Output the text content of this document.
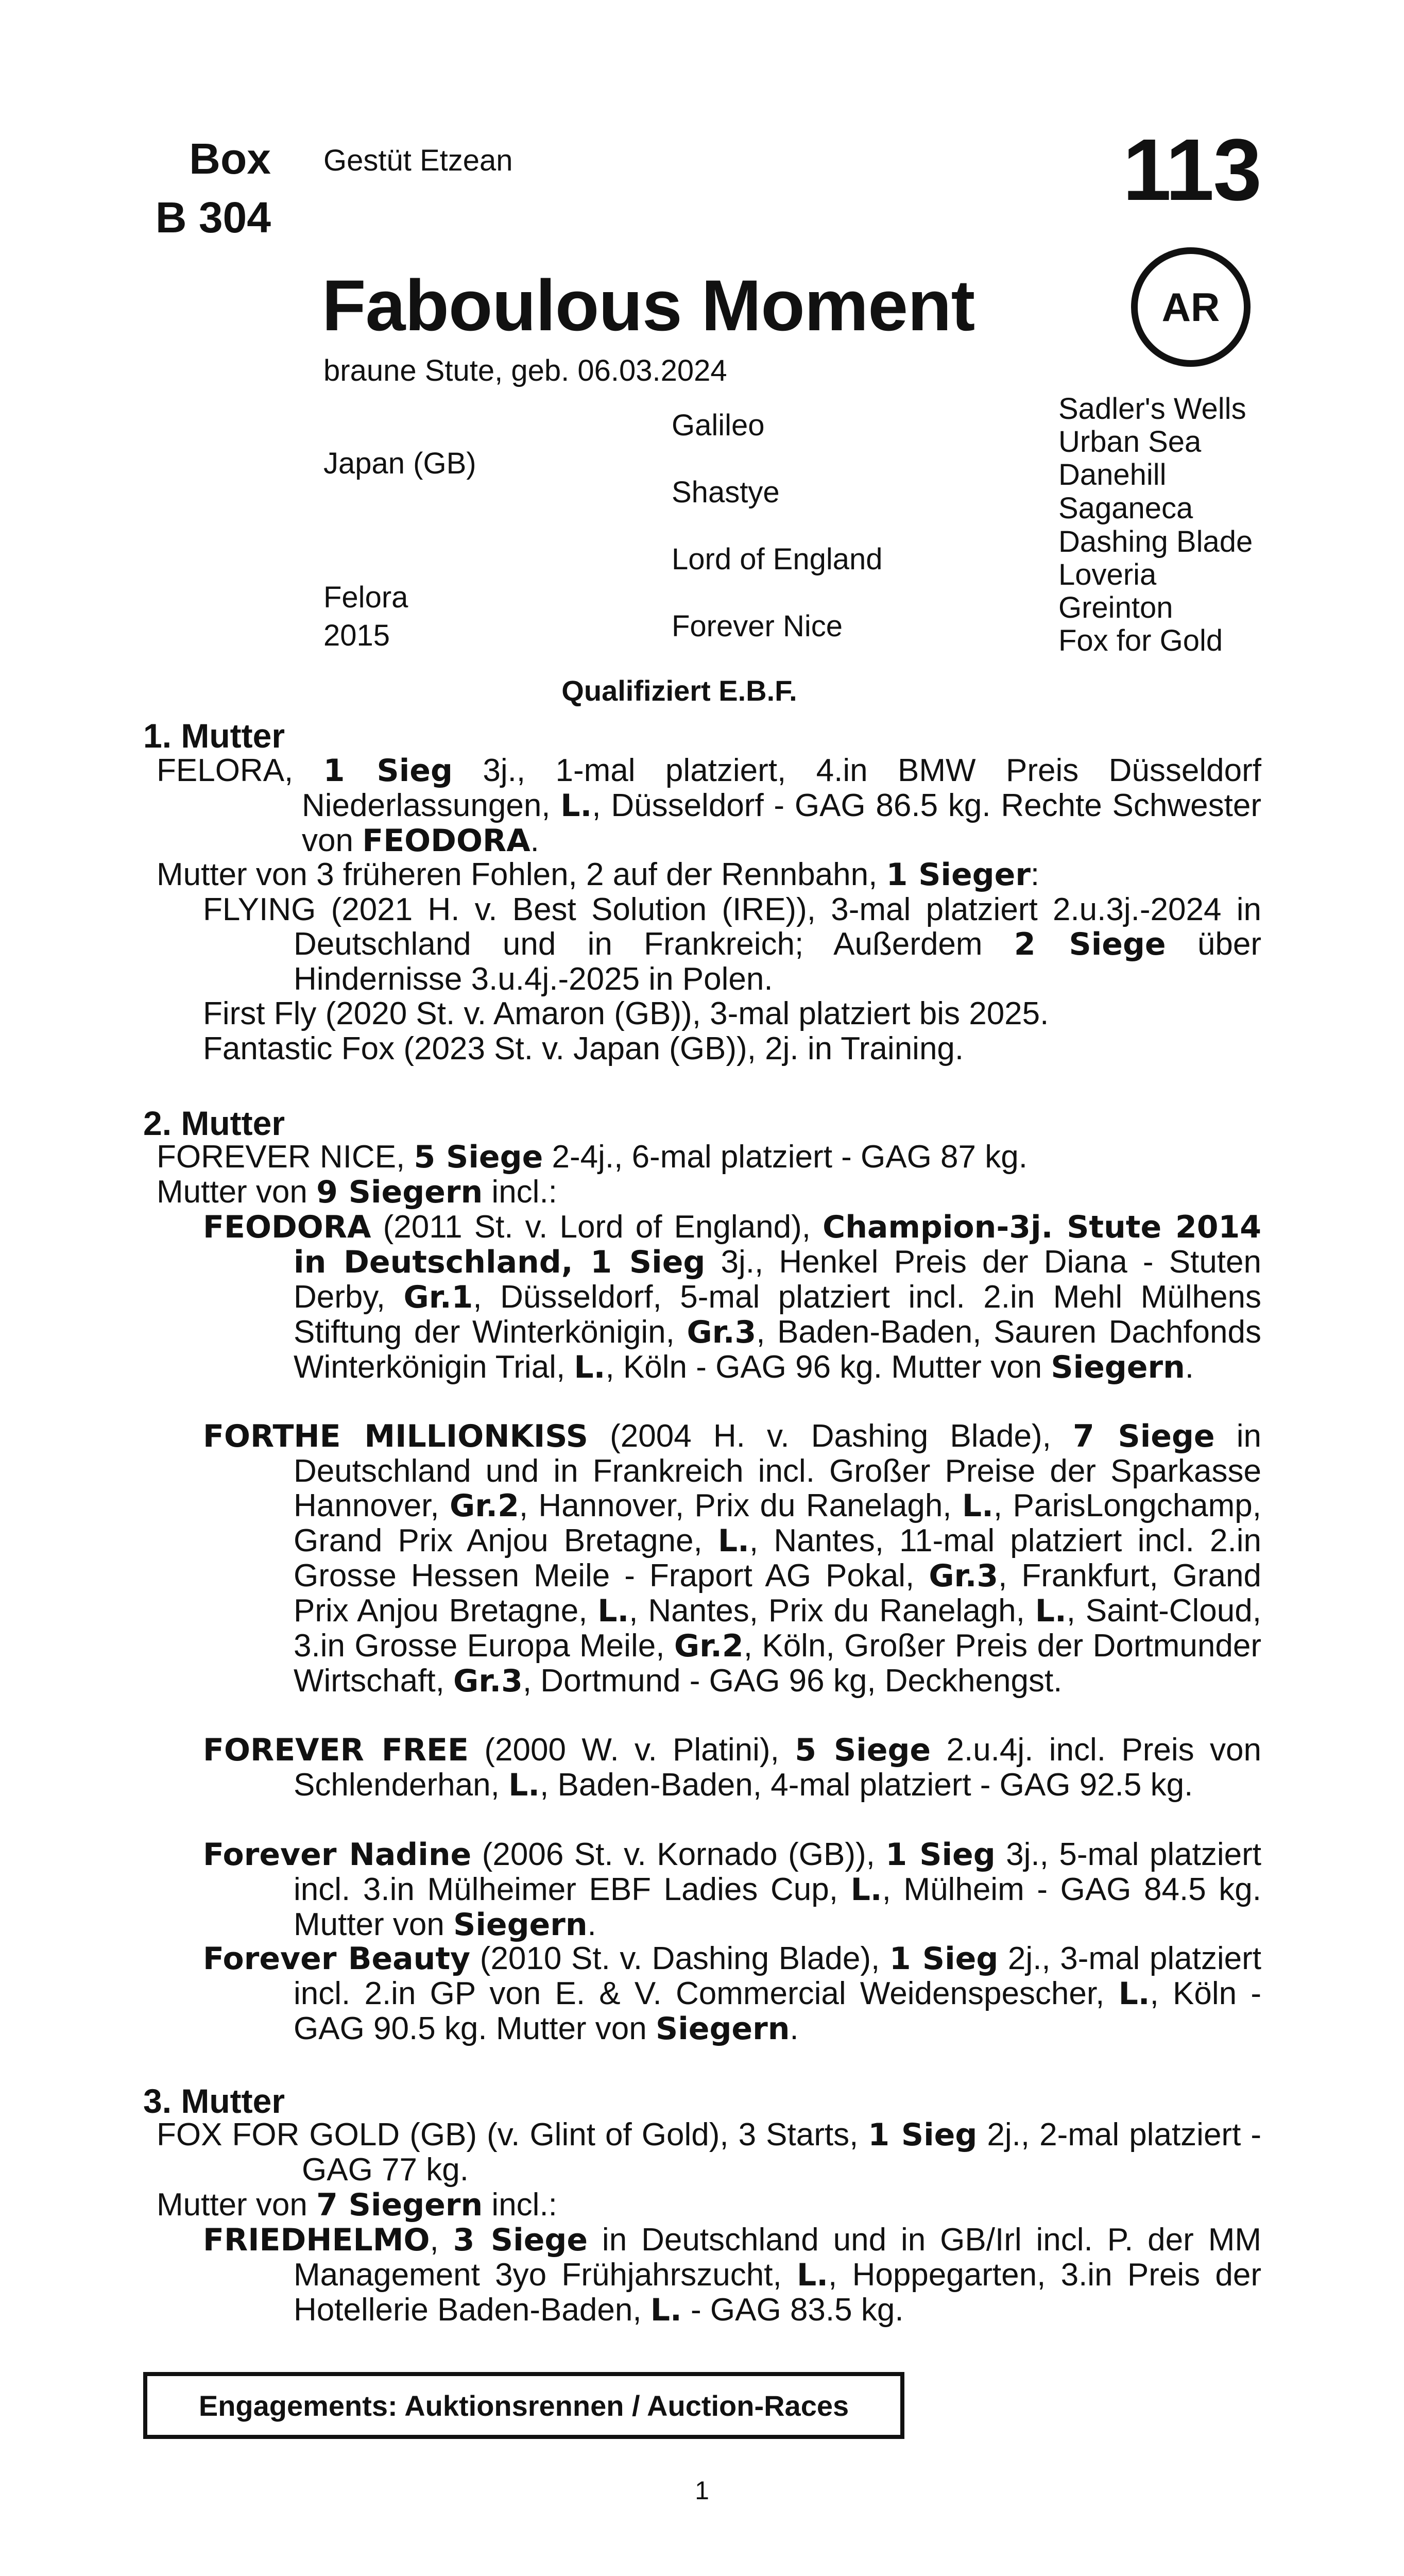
Box
B 304
Gestüt Etzean	113
AR
Faboulous Moment
braune Stute, geb. 06.03.2024
Japan (GB)
Felora
2015
Galileo
Shastye
Lord of England
Forever Nice
Sadler's Wells
Urban Sea
Danehill
Saganeca
Dashing Blade
Loveria
Greinton
Fox for Gold
Qualifiziert E.B.F.
1. Mutter
FELORA, 1 Sieg 3j., 1-mal platziert, 4.in BMW Preis Düsseldorf Niederlassungen, L., Düsseldorf - GAG 86.5 kg. Rechte Schwester von FEODORA.
Mutter von 3 früheren Fohlen, 2 auf der Rennbahn, 1 Sieger:
FLYING (2021 H. v. Best Solution (IRE)), 3-mal platziert 2.u.3j.-2024 in Deutschland und in Frankreich; Außerdem 2 Siege über Hindernisse 3.u.4j.-2025 in Polen.
First Fly (2020 St. v. Amaron (GB)), 3-mal platziert bis 2025.
Fantastic Fox (2023 St. v. Japan (GB)), 2j. in Training.
2. Mutter
FOREVER NICE, 5 Siege 2-4j., 6-mal platziert - GAG 87 kg.
Mutter von 9 Siegern incl.:
FEODORA (2011 St. v. Lord of England), Champion-3j. Stute 2014 in Deutschland, 1 Sieg 3j., Henkel Preis der Diana - Stuten Derby, Gr.1, Düsseldorf, 5-mal platziert incl. 2.in Mehl Mülhens Stiftung der Winterkönigin, Gr.3, Baden-Baden, Sauren Dachfonds Winterkönigin Trial, L., Köln - GAG 96 kg. Mutter von Siegern.
FORTHE MILLIONKISS (2004 H. v. Dashing Blade), 7 Siege in Deutschland und in Frankreich incl. Großer Preise der Sparkasse Hannover, Gr.2, Hannover, Prix du Ranelagh, L., ParisLongchamp, Grand Prix Anjou Bretagne, L., Nantes, 11-mal platziert incl. 2.in Grosse Hessen Meile - Fraport AG Pokal, Gr.3, Frankfurt, Grand Prix Anjou Bretagne, L., Nantes, Prix du Ranelagh, L., Saint-Cloud, 3.in Grosse Europa Meile, Gr.2, Köln, Großer Preis der Dortmunder Wirtschaft, Gr.3, Dortmund - GAG 96 kg, Deckhengst.
FOREVER FREE (2000 W. v. Platini), 5 Siege 2.u.4j. incl. Preis von Schlenderhan, L., Baden-Baden, 4-mal platziert - GAG 92.5 kg.
Forever Nadine (2006 St. v. Kornado (GB)), 1 Sieg 3j., 5-mal platziert incl. 3.in Mülheimer EBF Ladies Cup, L., Mülheim - GAG 84.5 kg. Mutter von Siegern.
Forever Beauty (2010 St. v. Dashing Blade), 1 Sieg 2j., 3-mal platziert incl. 2.in GP von E. & V. Commercial Weidenspescher, L., Köln - GAG 90.5 kg. Mutter von Siegern.
3. Mutter
FOX FOR GOLD (GB) (v. Glint of Gold), 3 Starts, 1 Sieg 2j., 2-mal platziert - GAG 77 kg.
Mutter von 7 Siegern incl.:
FRIEDHELMO, 3 Siege in Deutschland und in GB/Irl incl. P. der MM Management 3yo Frühjahrszucht, L., Hoppegarten, 3.in Preis der Hotellerie Baden-Baden, L. - GAG 83.5 kg.
Engagements: Auktionsrennen / Auction-Races
1
